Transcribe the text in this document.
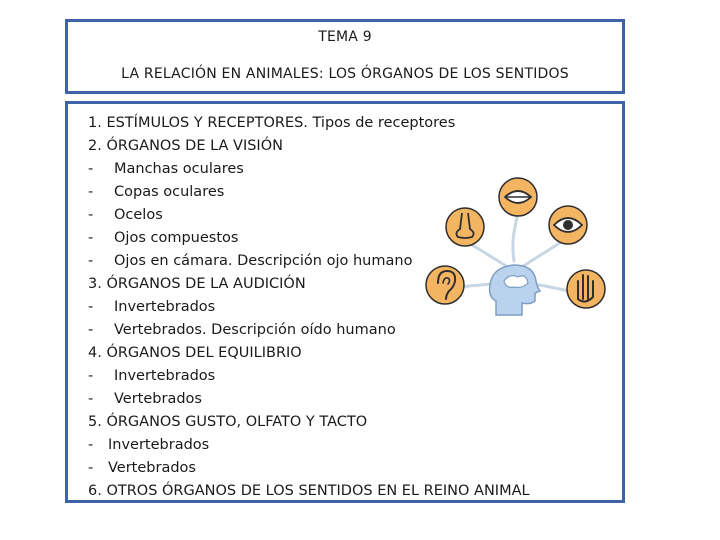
TEMA 9
LA RELACIÓN EN ANIMALES: LOS ÓRGANOS DE LOS SENTIDOS
1. ESTÍMULOS Y RECEPTORES. Tipos de receptores
2. ÓRGANOS DE LA VISIÓN
- Manchas oculares
- Copas oculares
- Ocelos
- Ojos compuestos
- Ojos en cámara. Descripción ojo humano
3. ÓRGANOS DE LA AUDICIÓN
- Invertebrados
- Vertebrados. Descripción oído humano
4. ÓRGANOS DEL EQUILIBRIO
- Invertebrados
- Vertebrados
5. ÓRGANOS GUSTO, OLFATO Y TACTO
- Invertebrados
- Vertebrados
6. OTROS ÓRGANOS DE LOS SENTIDOS EN EL REINO ANIMAL
